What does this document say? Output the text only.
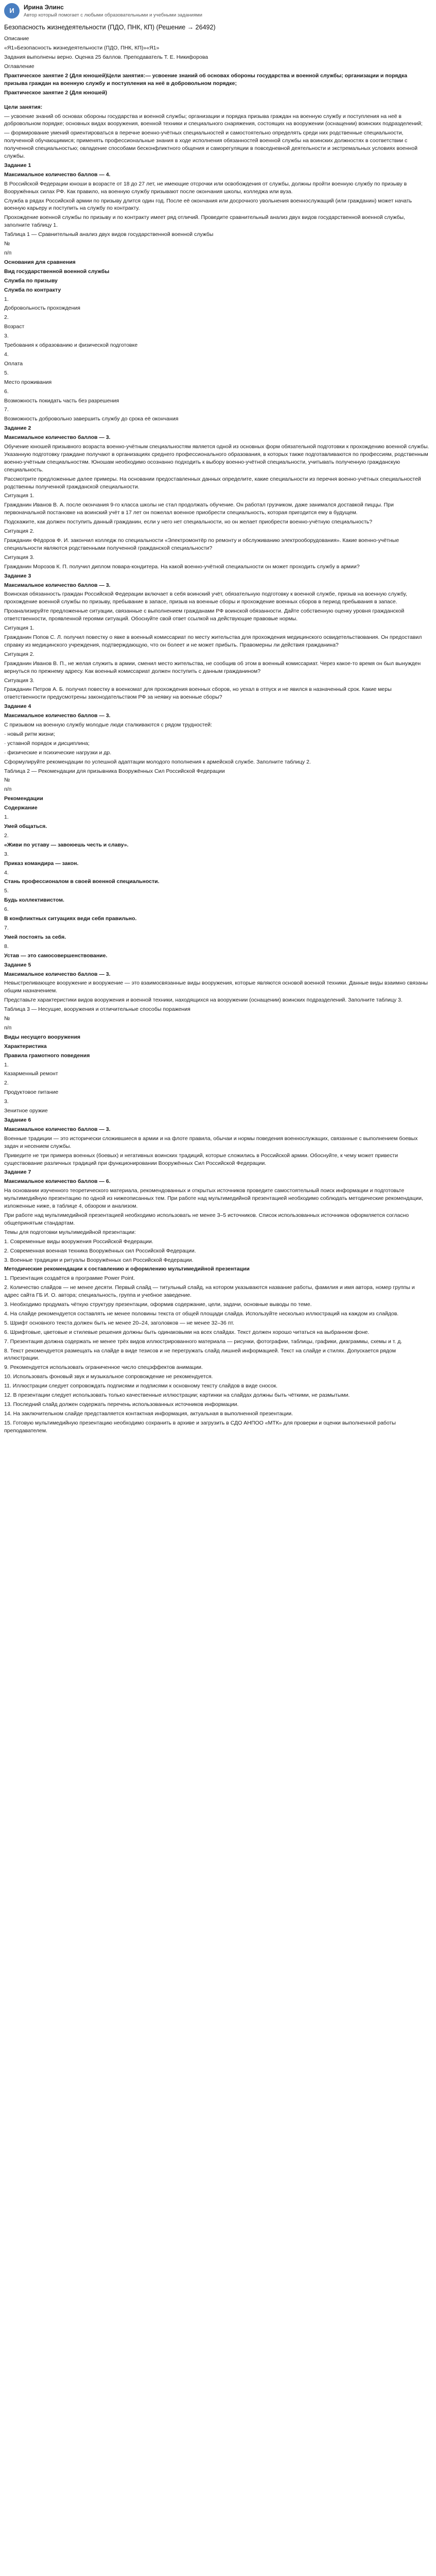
И	Ирина Элинс
Автор который помогает с любыми образовательными и учебными заданиями
Безопасность жизнедеятельности (ПДО, ПНК, КП) (Решение → 26492)
Описание
«Я1»Безопасность жизнедеятельности (ПДО, ПНК, КП)»«Я1»
Задания выполнены верно. Оценка 25 баллов. Преподаватель Т. Е. Никифорова
Оглавление
Практическое занятие 2 (Для юношей)Цели занятия:— усвоение знаний об основах обороны государства и военной службы; организации и порядка призыва граждан на военную службу и поступления на неё в добровольном порядке;
Практическое занятие 2 (Для юношей)
Цели занятия:
— усвоение знаний об основах обороны государства и военной службы; организации и порядка призыва граждан на военную службу и поступления на неё в добровольном порядке; основных видах вооружения, военной техники и специального снаряжения, состоящих на вооружении (оснащении) воинских подразделений;
— формирование умений ориентироваться в перечне военно-учётных специальностей и самостоятельно определять среди них родственные специальности, полученной обучающимися; применять профессиональные знания в ходе исполнения обязанностей военной службы на воинских должностях в соответствии с полученной специальностью; овладение способами бесконфликтного общения и саморегуляции в повседневной деятельности и экстремальных условиях военной службы.
Задание 1
Максимальное количество баллов — 4.
В Российской Федерации юноши в возрасте от 18 до 27 лет, не имеющие отсрочки или освобождения от службы, должны пройти военную службу по призыву в Вооружённых силах РФ. Как правило, на военную службу призывают после окончания школы, колледжа или вуза.
Служба в рядах Российской армии по призыву длится один год. После её окончания или досрочного увольнения военнослужащий (или гражданин) может начать военную карьеру и поступить на службу по контракту.
Прохождение военной службы по призыву и по контракту имеет ряд отличий. Проведите сравнительный анализ двух видов государственной военной службы, заполните таблицу 1.
Таблица 1 — Сравнительный анализ двух видов государственной военной службы
№
п/п
Основания для сравнения
Вид государственной военной службы
Служба по призыву
Служба по контракту
1.
Добровольность прохождения
2.
Возраст
3.
Требования к образованию и физической подготовке
4.
Оплата
5.
Место проживания
6.
Возможность покидать часть без разрешения
7.
Возможность добровольно завершить службу до срока её окончания
Задание 2
Максимальное количество баллов — 3.
Обучение юношей призывного возраста военно-учётным специальностям является одной из основных форм обязательной подготовки к прохождению военной службы. Указанную подготовку граждане получают в организациях среднего профессионального образования, в которых также подготавливаются по профессиям, родственным военно-учётным специальностям. Юношам необходимо осознанно подходить к выбору военно-учётной специальности, учитывать полученную гражданскую специальность.
Рассмотрите предложенные далее примеры. На основании предоставленных данных определите, какие специальности из перечня военно-учётных специальностей родственны полученной гражданской специальности.
Ситуация 1.
Гражданин Иванов В. А. после окончания 9-го класса школы не стал продолжать обучение. Он работал грузчиком, даже занимался доставкой пиццы. При первоначальной постановке на воинский учёт в 17 лет он пожелал военное приобрести специальность, которая пригодится ему в будущем.
Подскажите, как должен поступить данный гражданин, если у него нет специальности, но он желает приобрести военно-учётную специальность?
Ситуация 2.
Гражданин Фёдоров Ф. И. закончил колледж по специальности «Электромонтёр по ремонту и обслуживанию электрооборудования». Какие военно-учётные специальности являются родственными полученной гражданской специальности?
Ситуация 3.
Гражданин Морозов К. П. получил диплом повара-кондитера. На какой военно-учётной специальности он может проходить службу в армии?
Задание 3
Максимальное количество баллов — 3.
Воинская обязанность граждан Российской Федерации включает в себя воинский учёт, обязательную подготовку к военной службе, призыв на военную службу, прохождение военной службы по призыву, пребывание в запасе, призыв на военные сборы и прохождение военных сборов в период пребывания в запасе.
Проанализируйте предложенные ситуации, связанные с выполнением гражданами РФ воинской обязанности. Дайте собственную оценку уровня гражданской ответственности, проявленной героями ситуаций. Обоснуйте свой ответ ссылкой на действующие правовые нормы.
Ситуация 1.
Гражданин Попов С. Л. получил повестку о явке в военный комиссариат по месту жительства для прохождения медицинского освидетельствования. Он предоставил справку из медицинского учреждения, подтверждающую, что он болеет и не может прибыть. Правомерны ли действия гражданина?
Ситуация 2.
Гражданин Иванов В. П., не желая служить в армии, сменил место жительства, не сообщив об этом в военный комиссариат. Через какое-то время он был вынужден вернуться по прежнему адресу. Как военный комиссариат должен поступить с данным гражданином?
Ситуация 3.
Гражданин Петров А. Б. получил повестку в военкомат для прохождения военных сборов, но уехал в отпуск и не явился в назначенный срок. Какие меры ответственности предусмотрены законодательством РФ за неявку на военные сборы?
Задание 4
Максимальное количество баллов — 3.
С призывом на военную службу молодые люди сталкиваются с рядом трудностей:
· новый ритм жизни;
· уставной порядок и дисциплина;
· физические и психические нагрузки и др.
Сформулируйте рекомендации по успешной адаптации молодого пополнения к армейской службе. Заполните таблицу 2.
Таблица 2 — Рекомендации для призывника Вооружённых Сил Российской Федерации
№
п/п
Рекомендации
Содержание
1.
Умей общаться.
2.
«Живи по уставу — завоюешь честь и славу».
3.
Приказ командира — закон.
4.
Стань профессионалом в своей военной специальности.
5.
Будь коллективистом.
6.
В конфликтных ситуациях веди себя правильно.
7.
Умей постоять за себя.
8.
Устав — это самосовершенствование.
Задание 5
Максимальное количество баллов — 3.
Невыстреливающее вооружение и вооружение — это взаимосвязанные виды вооружения, которые являются основой военной техники. Данные виды взаимно связаны общим назначением.
Представьте характеристики видов вооружения и военной техники, находящихся на вооружении (оснащении) воинских подразделений. Заполните таблицу 3.
Таблица 3 — Несущие, вооружения и отличительные способы поражения
№
п/п
Виды несущего вооружения
Характеристика
Правила грамотного поведения
1.
Казарменный ремонт
2.
Продуктовое питание
3.
Зенитное оружие
Задание 6
Максимальное количество баллов — 3.
Военные традиции — это исторически сложившиеся в армии и на флоте правила, обычаи и нормы поведения военнослужащих, связанные с выполнением боевых задач и несением службы.
Приведите не три примера военных (боевых) и негативных воинских традиций, которые сложились в Российской армии. Обоснуйте, к чему может привести существование различных традиций при функционировании Вооружённых Сил Российской Федерации.
Задание 7
Максимальное количество баллов — 6.
На основании изученного теоретического материала, рекомендованных и открытых источников проведите самостоятельный поиск информации и подготовьте мультимедийную презентацию по одной из нижеописанных тем. При работе над мультимедийной презентацией необходимо соблюдать методические рекомендации, изложенные ниже, в таблице 4, обзором и анализом.
При работе над мультимедийной презентацией необходимо использовать не менее 3–5 источников. Список использованных источников оформляется согласно общепринятым стандартам.
Темы для подготовки мультимедийной презентации:
1. Современные виды вооружения Российской Федерации.
2. Современная военная техника Вооружённых сил Российской Федерации.
3. Военные традиции и ритуалы Вооружённых сил Российской Федерации.
Методические рекомендации к составлению и оформлению мультимедийной презентации
1. Презентация создаётся в программе Power Point.
2. Количество слайдов — не менее десяти. Первый слайд — титульный слайд, на котором указываются название работы, фамилия и имя автора, номер группы и адрес сайта ГБ И. О. автора; специальность, группа и учебное заведение.
3. Необходимо продумать чёткую структуру презентации, оформив содержание, цели, задачи, основные выводы по теме.
4. На слайде рекомендуется составлять не менее половины текста от общей площади слайда. Используйте несколько иллюстраций на каждом из слайдов.
5. Шрифт основного текста должен быть не менее 20–24, заголовков — не менее 32–36 пт.
6. Шрифтовые, цветовые и стилевые решения должны быть одинаковыми на всех слайдах. Текст должен хорошо читаться на выбранном фоне.
7. Презентация должна содержать не менее трёх видов иллюстрированного материала — рисунки, фотографии, таблицы, графики, диаграммы, схемы и т. д.
8. Текст рекомендуется размещать на слайде в виде тезисов и не перегружать слайд лишней информацией. Текст на слайде и стилях. Допускается рядом иллюстрации.
9. Рекомендуется использовать ограниченное число спецэффектов анимации.
10. Использовать фоновый звук и музыкальное сопровождение не рекомендуется.
11. Иллюстрации следует сопровождать подписями и подписями к основному тексту слайдов в виде сносок.
12. В презентации следует использовать только качественные иллюстрации; картинки на слайдах должны быть чёткими, не размытыми.
13. Последний слайд должен содержать перечень использованных источников информации.
14. На заключительном слайде представляется контактная информация, актуальная в выполненной презентации.
15. Готовую мультимедийную презентацию необходимо сохранить в архиве и загрузить в СДО АНПОО «МТК» для проверки и оценки выполненной работы преподавателем.
